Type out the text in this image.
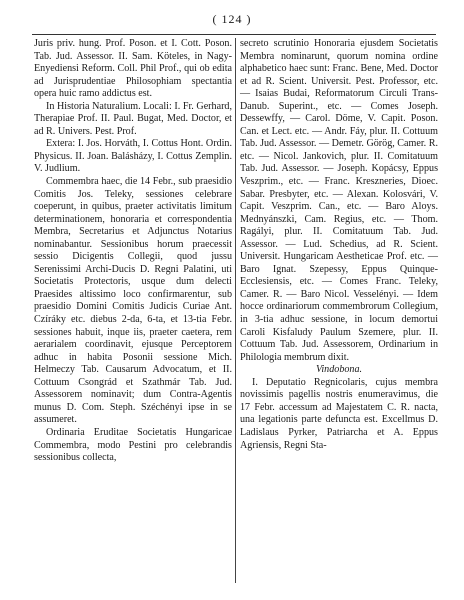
( 124 )

Juris priv. hung. Prof. Poson. et I. Cott. Poson. Tab. Jud. Assessor. II. Sam. Köteles, in Nagy-Enyediensi Reform. Coll. Phil Prof., qui ob edita ad Jurisprudentiae Philosophiam spectantia opera huic ramo addictus est.

In Historia Naturalium. Locali: I. Fr. Gerhard, Therapiae Prof. II. Paul. Bugat, Med. Doctor, et ad R. Univers. Pest. Prof.

Extera: I. Jos. Horváth, I. Cottus Hont. Ordin. Physicus. II. Joan. Balásházy, I. Cottus Zemplin. V. Judlium.

Commembra haec, die 14 Febr., sub praesidio Comitis Jos. Teleky, sessiones celebrare coeperunt, in quibus, praeter activitatis limitum determinationem, honoraria et correspondentia Membra, Secretarius et Adjunctus Notarius nominabantur. Sessionibus horum praecessit sessio Dicigentis Collegii, quod jussu Serenissimi Archi-Ducis D. Regni Palatini, uti Societatis Protectoris, usque dum delecti Praesides altissimo loco confirmarentur, sub praesidio Domini Comitis Judicis Curiae Ant. Czíráky etc. diebus 2-da, 6-ta, et 13-tia Febr. sessiones habuit, inque iis, praeter caetera, rem aerarialem coordinavit, ejusque Perceptorem adhuc in habita Posonii sessione Mich. Helmeczy Tab. Causarum Advocatum, et II. Cottuum Csongrád et Szathmár Tab. Jud. Assessorem nominavit; dum Contra-Agentis munus D. Com. Steph. Széchényi ipse in se assumeret.

Ordinaria Eruditae Societatis Hungaricae Commembra, modo Pestini pro celebrandis sessionibus collecta,

secreto scrutinio Honoraria ejusdem Societatis Membra nominarunt, quorum nomina ordine alphabetico haec sunt: Franc. Bene, Med. Doctor et ad R. Scient. Universit. Pest. Professor, etc. — Isaias Budai, Reformatorum Circuli Trans-Danub. Superint., etc. — Comes Joseph. Dessewffy, — Carol. Döme, V. Capit. Poson. Can. et Lect. etc. — Andr. Fáy, plur. II. Cottuum Tab. Jud. Assessor. — Demetr. Görög, Camer. R. etc. — Nicol. Jankovich, plur. II. Comitatuum Tab. Jud. Assessor. — Joseph. Kopácsy, Eppus Veszprim., etc. — Franc. Kreszneries, Dioec. Sabar. Presbyter, etc. — Alexan. Kolosvári, V. Capit. Veszprim. Can., etc. — Baro Aloys. Mednyánszki, Cam. Regius, etc. — Thom. Ragályi, plur. II. Comitatuum Tab. Jud. Assessor. — Lud. Schedius, ad R. Scient. Universit. Hungaricam Aestheticae Prof. etc. — Baro Ignat. Szepessy, Eppus Quinque-Ecclesiensis, etc. — Comes Franc. Teleky, Camer. R. — Baro Nicol. Vesselényi. — Idem hocce ordinariorum commembrorum Collegium, in 3-tia adhuc sessione, in locum demortui Caroli Kisfaludy Paulum Szemere, plur. II. Cottuum Tab. Jud. Assessorem, Ordinarium in Philologia membrum dixit.

Vindobona.

I. Deputatio Regnicolaris, cujus membra novissimis pagellis nostris enumeravimus, die 17 Febr. accessum ad Majestatem C. R. nacta, una legationis parte defuncta est. Excellmus D. Ladislaus Pyrker, Patriarcha et A. Eppus Agriensis, Regni Sta-
